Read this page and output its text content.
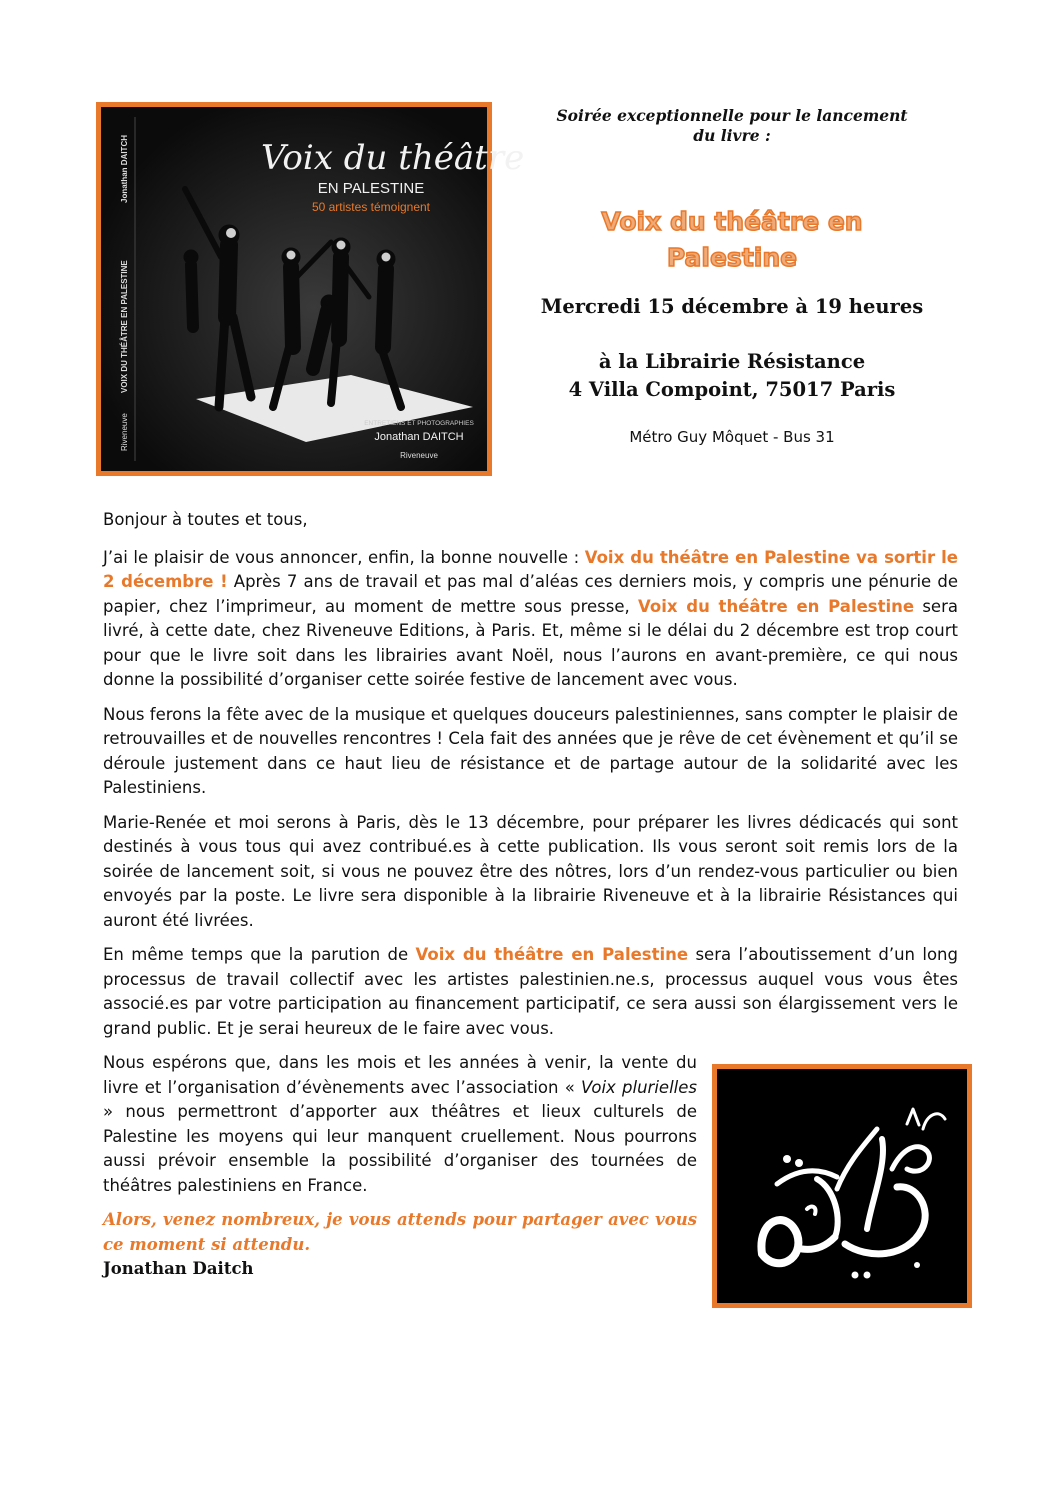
Jonathan DAITCH
VOIX DU THÉÂTRE EN PALESTINE
Riveneuve
Voix du théâtre
EN PALESTINE
50 artistes témoignent
ENTRETIENS ET PHOTOGRAPHIES
Jonathan DAITCH
Riveneuve

Soirée exceptionnelle pour le lancement
du livre :

Voix du théâtre en
Palestine

Mercredi 15 décembre à 19 heures

à la Librairie Résistance
4 Villa Compoint, 75017 Paris

Métro Guy Môquet - Bus 31

Bonjour à toutes et tous,

J’ai le plaisir de vous annoncer, enfin, la bonne nouvelle : Voix du théâtre en Palestine va sortir le 2 décembre ! Après 7 ans de travail et pas mal d’aléas ces derniers mois, y compris une pénurie de papier, chez l’imprimeur, au moment de mettre sous presse, Voix du théâtre en Palestine sera livré, à cette date, chez Riveneuve Editions, à Paris. Et, même si le délai du 2 décembre est trop court pour que le livre soit dans les librairies avant Noël, nous l’aurons en avant-première, ce qui nous donne la possibilité d’organiser cette soirée festive de lancement avec vous.

Nous ferons la fête avec de la musique et quelques douceurs palestiniennes, sans compter le plaisir de retrouvailles et de nouvelles rencontres ! Cela fait des années que je rêve de cet évènement et qu’il se déroule justement dans ce haut lieu de résistance et de partage autour de la solidarité avec les Palestiniens.

Marie-Renée et moi serons à Paris, dès le 13 décembre, pour préparer les livres dédicacés qui sont destinés à vous tous qui avez contribué.es à cette publication. Ils vous seront soit remis lors de la soirée de lancement soit, si vous ne pouvez être des nôtres, lors d’un rendez-vous particulier ou bien envoyés par la poste. Le livre sera disponible à la librairie Riveneuve et à la librairie Résistances qui auront été livrées.

En même temps que la parution de Voix du théâtre en Palestine sera l’aboutissement d’un long processus de travail collectif avec les artistes palestinien.ne.s, processus auquel vous vous êtes associé.es par votre participation au financement participatif, ce sera aussi son élargissement vers le grand public. Et je serai heureux de le faire avec vous.

Nous espérons que, dans les mois et les années à venir, la vente du livre et l’organisation d’évènements avec l’association « Voix plurielles » nous permettront d’apporter aux théâtres et lieux culturels de Palestine les moyens qui leur manquent cruellement. Nous pourrons aussi prévoir ensemble la possibilité d’organiser des tournées de théâtres palestiniens en France.

Alors, venez nombreux, je vous attends pour partager avec vous ce moment si attendu.

Jonathan Daitch
